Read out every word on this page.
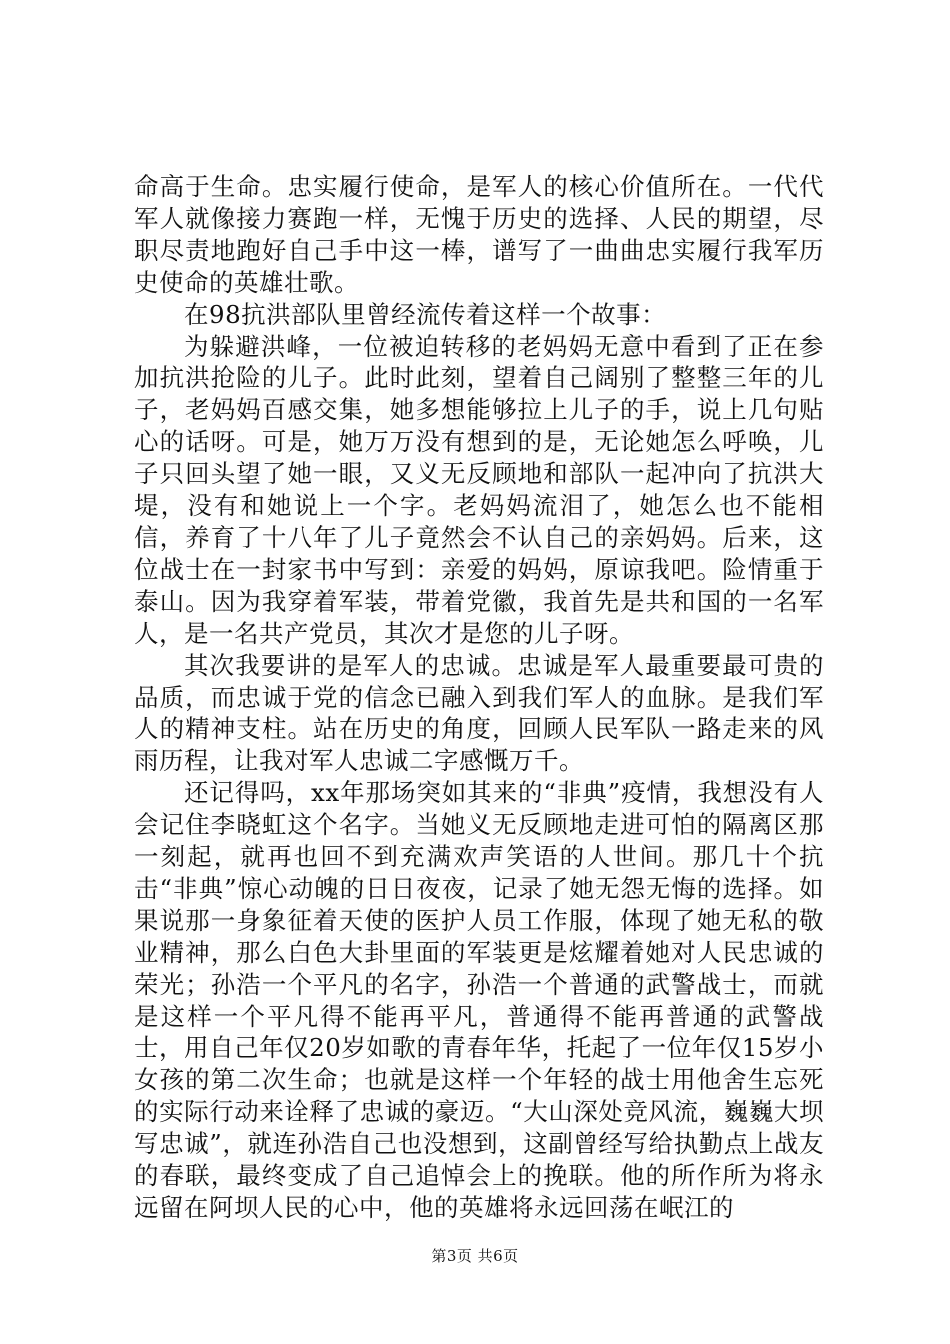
命高于生命。忠实履行使命，是军人的核心价值所在。一代代军人就像接力赛跑一样，无愧于历史的选择、人民的期望，尽职尽责地跑好自己手中这一棒，谱写了一曲曲忠实履行我军历史使命的英雄壮歌。

在98抗洪部队里曾经流传着这样一个故事：

为躲避洪峰，一位被迫转移的老妈妈无意中看到了正在参加抗洪抢险的儿子。此时此刻，望着自己阔别了整整三年的儿子，老妈妈百感交集，她多想能够拉上儿子的手，说上几句贴心的话呀。可是，她万万没有想到的是，无论她怎么呼唤，儿子只回头望了她一眼，又义无反顾地和部队一起冲向了抗洪大堤，没有和她说上一个字。老妈妈流泪了，她怎么也不能相信，养育了十八年了儿子竟然会不认自己的亲妈妈。后来，这位战士在一封家书中写到：亲爱的妈妈，原谅我吧。险情重于泰山。因为我穿着军装，带着党徽，我首先是共和国的一名军人，是一名共产党员，其次才是您的儿子呀。

其次我要讲的是军人的忠诚。忠诚是军人最重要最可贵的品质，而忠诚于党的信念已融入到我们军人的血脉。是我们军人的精神支柱。站在历史的角度，回顾人民军队一路走来的风雨历程，让我对军人忠诚二字感慨万千。

还记得吗，xx年那场突如其来的“非典”疫情，我想没有人会记住李晓虹这个名字。当她义无反顾地走进可怕的隔离区那一刻起，就再也回不到充满欢声笑语的人世间。那几十个抗击“非典”惊心动魄的日日夜夜，记录了她无怨无悔的选择。如果说那一身象征着天使的医护人员工作服，体现了她无私的敬业精神，那么白色大卦里面的军装更是炫耀着她对人民忠诚的荣光；孙浩一个平凡的名字，孙浩一个普通的武警战士，而就是这样一个平凡得不能再平凡，普通得不能再普通的武警战士，用自己年仅20岁如歌的青春年华，托起了一位年仅15岁小女孩的第二次生命；也就是这样一个年轻的战士用他舍生忘死的实际行动来诠释了忠诚的豪迈。“大山深处竞风流，巍巍大坝写忠诚”，就连孙浩自己也没想到，这副曾经写给执勤点上战友的春联，最终变成了自己追悼会上的挽联。他的所作所为将永远留在阿坝人民的心中，他的英雄将永远回荡在岷江的

第3页 共6页
